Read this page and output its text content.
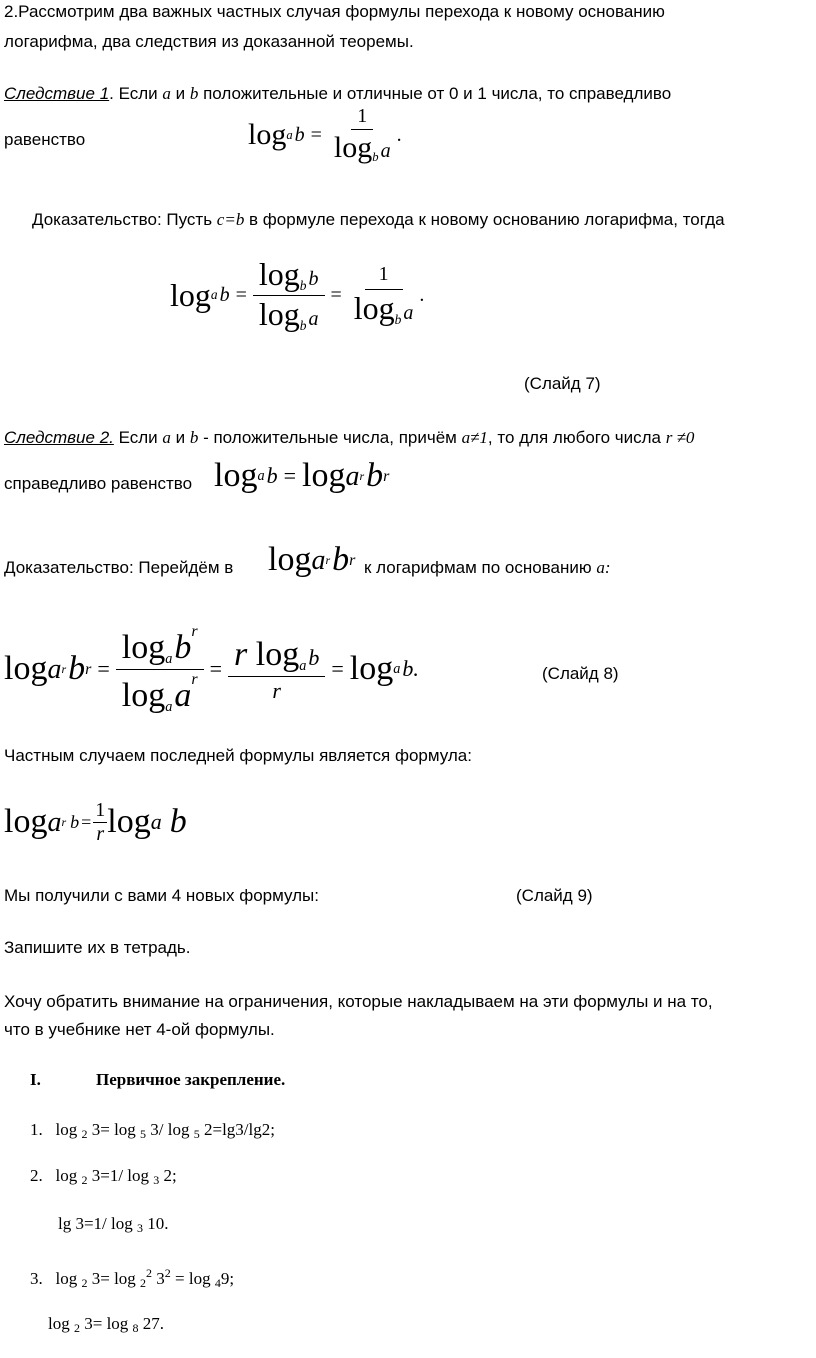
2.Рассмотрим два важных частных случая формулы перехода к новому основанию
логарифма, два следствия из доказанной теоремы.
Следствие 1. Если a и b положительные и отличные от 0 и 1 числа, то справедливо
равенство	log a $b = \frac{1}{\log_b a}$ .
Доказательство: Пусть c=b в формуле перехода к новому основанию логарифма, тогда
log a $b = \frac{\log_b b}{\log_b a} = \frac{1}{\log_b a}$ .
(Слайд 7)
Следствие 2. Если a и b - положительные числа, причём a≠1, то для любого числа r ≠0
справедливо равенство log a b = log a r b r
Доказательство: Перейдём в log a r b r к логарифмам по основанию a:
log a r b $r = \frac{\log_ab^r}{\log_aa^r} = \frac{r \log_ab}{r} = \log a$ b.	(Слайд 8)
Частным случаем последней формулы является формула:
log a r $b = \frac{1}{r}$ log a b
Мы получили с вами 4 новых формулы:	(Слайд 9)
Запишите их в тетрадь.
Хочу обратить внимание на ограничения, которые накладываем на эти формулы и на то,
что в учебнике нет 4-ой формулы.
I.	Первичное закрепление.
1.   log 2 3= log 5 3/ log 5 2=lg3/lg2;
2.   log 2 3=1/ log 3 2;
lg 3=1/ log 3 10.
3.   log 2 $3= \log 2^2$ $3^2 = \log 49$;
log 2 3= log 8 27.
